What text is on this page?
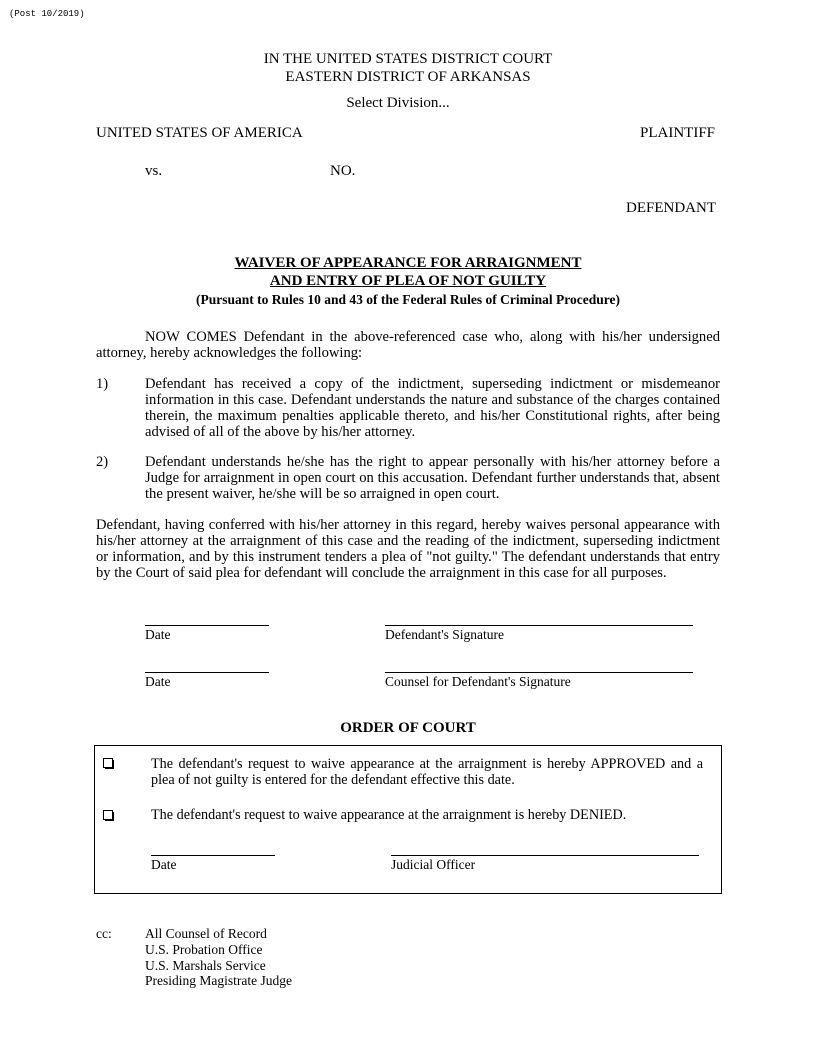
(Post 10/2019)
IN THE UNITED STATES DISTRICT COURT
EASTERN DISTRICT OF ARKANSAS
Select Division...
UNITED STATES OF AMERICA	PLAINTIFF
vs.	NO.
DEFENDANT
WAIVER OF APPEARANCE FOR ARRAIGNMENT
AND ENTRY OF PLEA OF NOT GUILTY
(Pursuant to Rules 10 and 43 of the Federal Rules of Criminal Procedure)
NOW COMES Defendant in the above-referenced case who, along with his/her undersigned attorney, hereby acknowledges the following:
1)	Defendant has received a copy of the indictment, superseding indictment or misdemeanor information in this case. Defendant understands the nature and substance of the charges contained therein, the maximum penalties applicable thereto, and his/her Constitutional rights, after being advised of all of the above by his/her attorney.
2)	Defendant understands he/she has the right to appear personally with his/her attorney before a Judge for arraignment in open court on this accusation. Defendant further understands that, absent the present waiver, he/she will be so arraigned in open court.
Defendant, having conferred with his/her attorney in this regard, hereby waives personal appearance with his/her attorney at the arraignment of this case and the reading of the indictment, superseding indictment or information, and by this instrument tenders a plea of "not guilty." The defendant understands that entry by the Court of said plea for defendant will conclude the arraignment in this case for all purposes.
Date	Defendant's Signature
Date	Counsel for Defendant's Signature
ORDER OF COURT
The defendant's request to waive appearance at the arraignment is hereby APPROVED and a plea of not guilty is entered for the defendant effective this date.
The defendant's request to waive appearance at the arraignment is hereby DENIED.
Date	Judicial Officer
cc: All Counsel of Record
U.S. Probation Office
U.S. Marshals Service
Presiding Magistrate Judge
